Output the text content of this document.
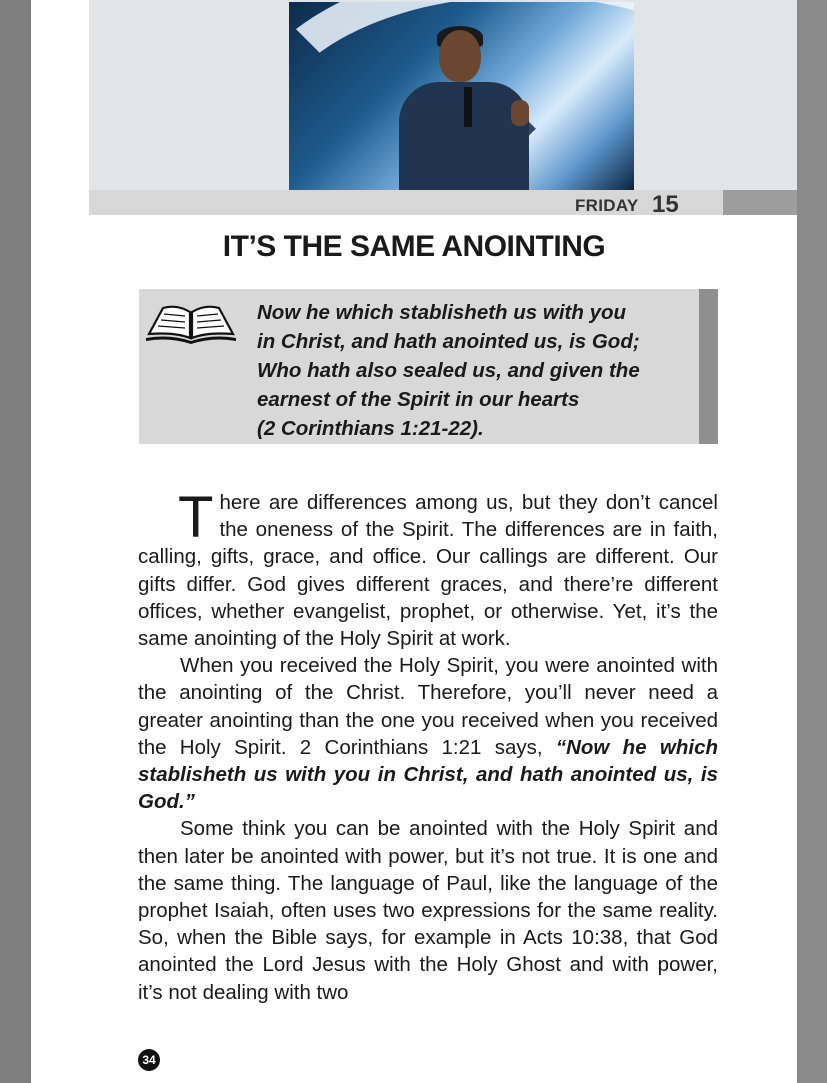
FRIDAY 15
IT’S THE SAME ANOINTING
Now he which stablisheth us with you
in Christ, and hath anointed us, is God;
Who hath also sealed us, and given the
earnest of the Spirit in our hearts
(2 Corinthians 1:21-22).

There are differences among us, but they don’t cancel the oneness of the Spirit. The differences are in faith, calling, gifts, grace, and office. Our callings are different. Our gifts differ. God gives different graces, and there’re different offices, whether evangelist, prophet, or otherwise. Yet, it’s the same anointing of the Holy Spirit at work.

When you received the Holy Spirit, you were anointed with the anointing of the Christ. Therefore, you’ll never need a greater anointing than the one you received when you received the Holy Spirit. 2 Corinthians 1:21 says, “Now he which stablisheth us with you in Christ, and hath anointed us, is God.”

Some think you can be anointed with the Holy Spirit and then later be anointed with power, but it’s not true. It is one and the same thing. The language of Paul, like the language of the prophet Isaiah, often uses two expressions for the same reality. So, when the Bible says, for example in Acts 10:38, that God anointed the Lord Jesus with the Holy Ghost and with power, it’s not dealing with two

34
